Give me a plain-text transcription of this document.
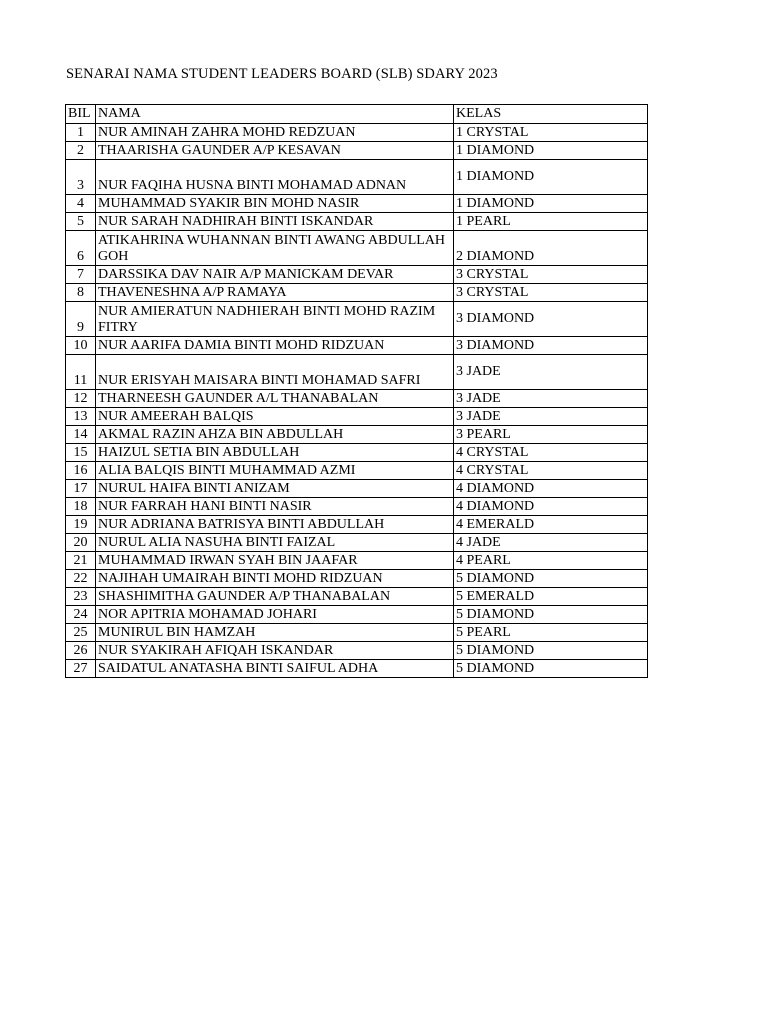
SENARAI NAMA STUDENT LEADERS BOARD (SLB) SDARY 2023
BIL	NAMA	KELAS
1	NUR AMINAH ZAHRA MOHD REDZUAN	1 CRYSTAL
2	THAARISHA GAUNDER A/P KESAVAN	1 DIAMOND
3	NUR FAQIHA HUSNA BINTI MOHAMAD ADNAN	1 DIAMOND
4	MUHAMMAD SYAKIR BIN MOHD NASIR	1 DIAMOND
5	NUR SARAH NADHIRAH BINTI ISKANDAR	1 PEARL
6	ATIKAHRINA WUHANNAN BINTI AWANG ABDULLAH GOH	2 DIAMOND
7	DARSSIKA DAV NAIR A/P MANICKAM DEVAR	3 CRYSTAL
8	THAVENESHNA A/P RAMAYA	3 CRYSTAL
9	NUR AMIERATUN NADHIERAH BINTI MOHD RAZIM FITRY	3 DIAMOND
10	NUR AARIFA DAMIA BINTI MOHD RIDZUAN	3 DIAMOND
11	NUR ERISYAH MAISARA BINTI MOHAMAD SAFRI	3 JADE
12	THARNEESH GAUNDER A/L THANABALAN	3 JADE
13	NUR AMEERAH BALQIS	3 JADE
14	AKMAL RAZIN AHZA BIN ABDULLAH	3 PEARL
15	HAIZUL SETIA BIN ABDULLAH	4 CRYSTAL
16	ALIA BALQIS BINTI MUHAMMAD AZMI	4 CRYSTAL
17	NURUL HAIFA BINTI ANIZAM	4 DIAMOND
18	NUR FARRAH HANI BINTI NASIR	4 DIAMOND
19	NUR ADRIANA BATRISYA BINTI ABDULLAH	4 EMERALD
20	NURUL ALIA NASUHA BINTI FAIZAL	4 JADE
21	MUHAMMAD IRWAN SYAH BIN JAAFAR	4 PEARL
22	NAJIHAH UMAIRAH BINTI MOHD RIDZUAN	5 DIAMOND
23	SHASHIMITHA GAUNDER A/P THANABALAN	5 EMERALD
24	NOR APITRIA MOHAMAD JOHARI	5 DIAMOND
25	MUNIRUL BIN HAMZAH	5 PEARL
26	NUR SYAKIRAH AFIQAH ISKANDAR	5 DIAMOND
27	SAIDATUL ANATASHA BINTI SAIFUL ADHA	5 DIAMOND
